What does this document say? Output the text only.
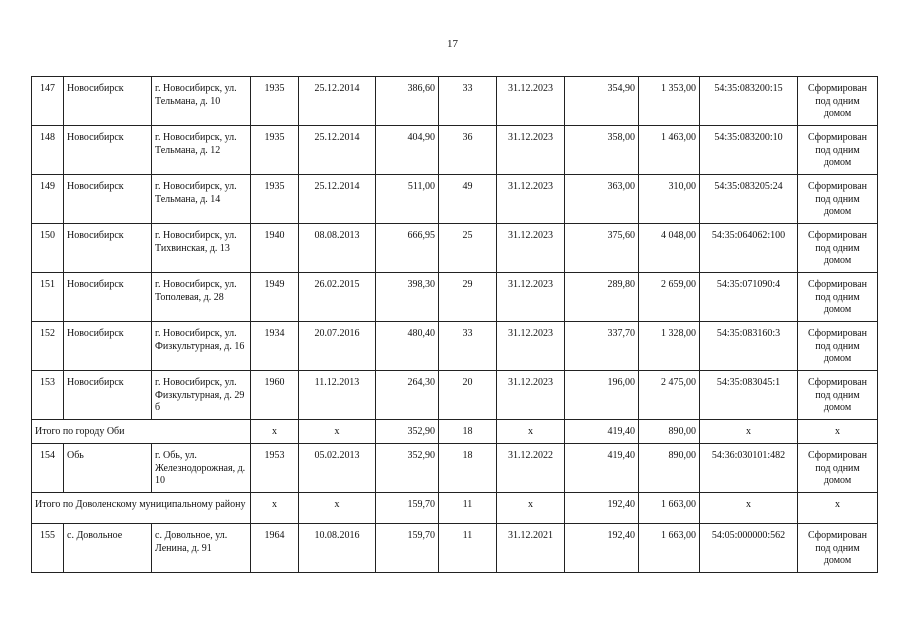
17
147	Новосибирск	г. Новосибирск, ул. Тельмана, д. 10	1935	25.12.2014	386,60	33	31.12.2023	354,90	1 353,00	54:35:083200:15	Сформирован под одним домом
148	Новосибирск	г. Новосибирск, ул. Тельмана, д. 12	1935	25.12.2014	404,90	36	31.12.2023	358,00	1 463,00	54:35:083200:10	Сформирован под одним домом
149	Новосибирск	г. Новосибирск, ул. Тельмана, д. 14	1935	25.12.2014	511,00	49	31.12.2023	363,00	310,00	54:35:083205:24	Сформирован под одним домом
150	Новосибирск	г. Новосибирск, ул. Тихвинская, д. 13	1940	08.08.2013	666,95	25	31.12.2023	375,60	4 048,00	54:35:064062:100	Сформирован под одним домом
151	Новосибирск	г. Новосибирск, ул. Тополевая, д. 28	1949	26.02.2015	398,30	29	31.12.2023	289,80	2 659,00	54:35:071090:4	Сформирован под одним домом
152	Новосибирск	г. Новосибирск, ул. Физкультурная, д. 16	1934	20.07.2016	480,40	33	31.12.2023	337,70	1 328,00	54:35:083160:3	Сформирован под одним домом
153	Новосибирск	г. Новосибирск, ул. Физкультурная, д. 29 б	1960	11.12.2013	264,30	20	31.12.2023	196,00	2 475,00	54:35:083045:1	Сформирован под одним домом
Итого по городу Оби			х	х	352,90	18	х	419,40	890,00	х	х
154	Обь	г. Обь, ул. Железнодорожная, д. 10	1953	05.02.2013	352,90	18	31.12.2022	419,40	890,00	54:36:030101:482	Сформирован под одним домом
Итого по Доволенскому муниципальному району			х	х	159,70	11	х	192,40	1 663,00	х	х
155	с. Довольное	с. Довольное, ул. Ленина, д. 91	1964	10.08.2016	159,70	11	31.12.2021	192,40	1 663,00	54:05:000000:562	Сформирован под одним домом
